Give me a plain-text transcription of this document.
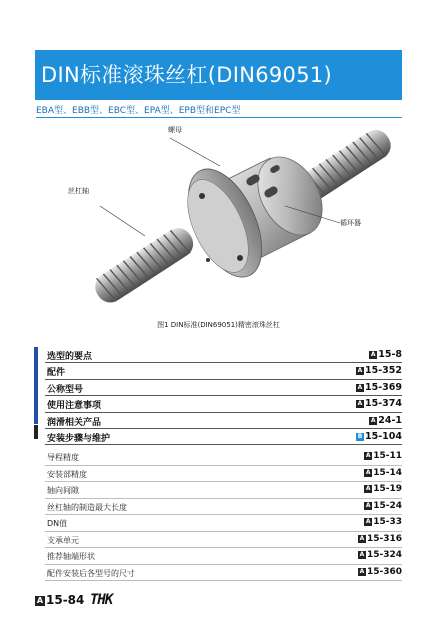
DIN标准滚珠丝杠(DIN69051)
EBA型、EBB型、EBC型、EPA型、EPB型和EPC型
螺母
丝杠轴
循环器
图1 DIN标准(DIN69051)精密滚珠丝杠
选型的要点	A 15-8
配件	A 15-352
公称型号	A 15-369
使用注意事项	A 15-374
润滑相关产品	A 24-1
安装步骤与维护	B 15-104
导程精度	A 15-11
安装部精度	A 15-14
轴向间隙	A 15-19
丝杠轴的制造最大长度	A 15-24
DN值	A 15-33
支承单元	A 15-316
推荐轴端形状	A 15-324
配件安装后各型号的尺寸	A 15-360
A 15-84 THK
